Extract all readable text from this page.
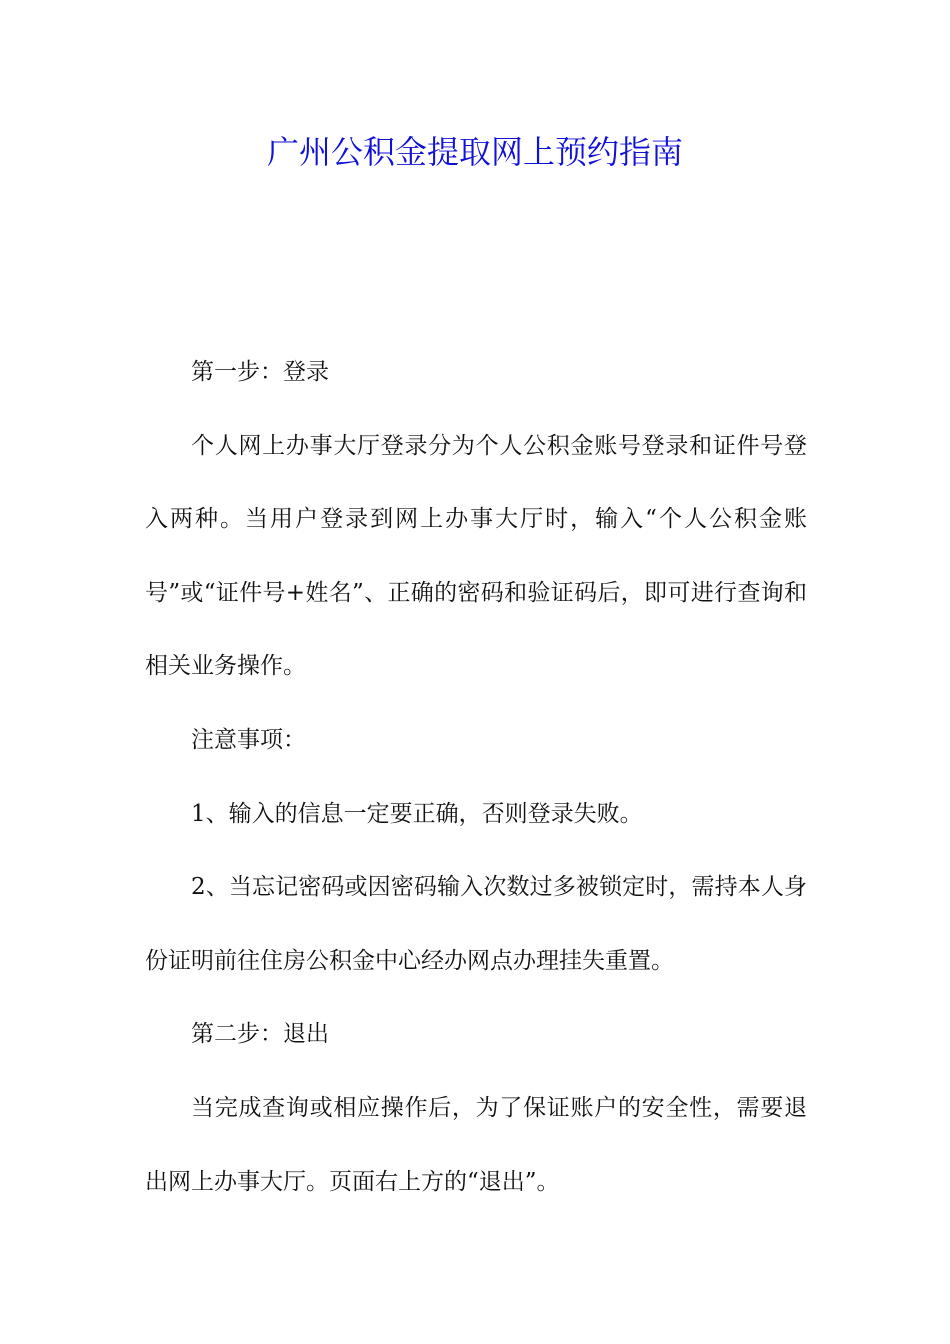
广州公积金提取网上预约指南

第一步：登录

个人网上办事大厅登录分为个人公积金账号登录和证件号登入两种。当用户登录到网上办事大厅时，输入“个人公积金账号”或“证件号+姓名”、正确的密码和验证码后，即可进行查询和相关业务操作。

注意事项：

1、输入的信息一定要正确，否则登录失败。

2、当忘记密码或因密码输入次数过多被锁定时，需持本人身份证明前往住房公积金中心经办网点办理挂失重置。

第二步：退出

当完成查询或相应操作后，为了保证账户的安全性，需要退出网上办事大厅。页面右上方的“退出”。
